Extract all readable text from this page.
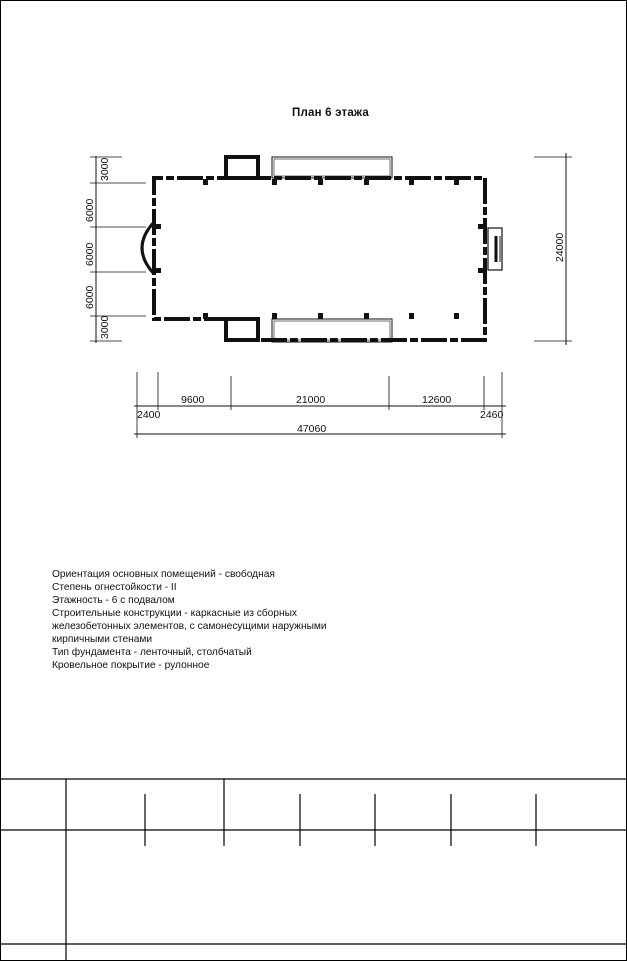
План 6 этажа
3000
6000
6000
6000
3000
24000
9600	21000	12600
2400	2460
47060
Ориентация основных помещений - свободная
Степень огнестойкости - II
Этажность - 6 с подвалом
Строительные конструкции - каркасные из сборных
железобетонных элементов, с самонесущими наружными
кирпичными стенами
Тип фундамента - ленточный, столбчатый
Кровельное покрытие - рулонное
